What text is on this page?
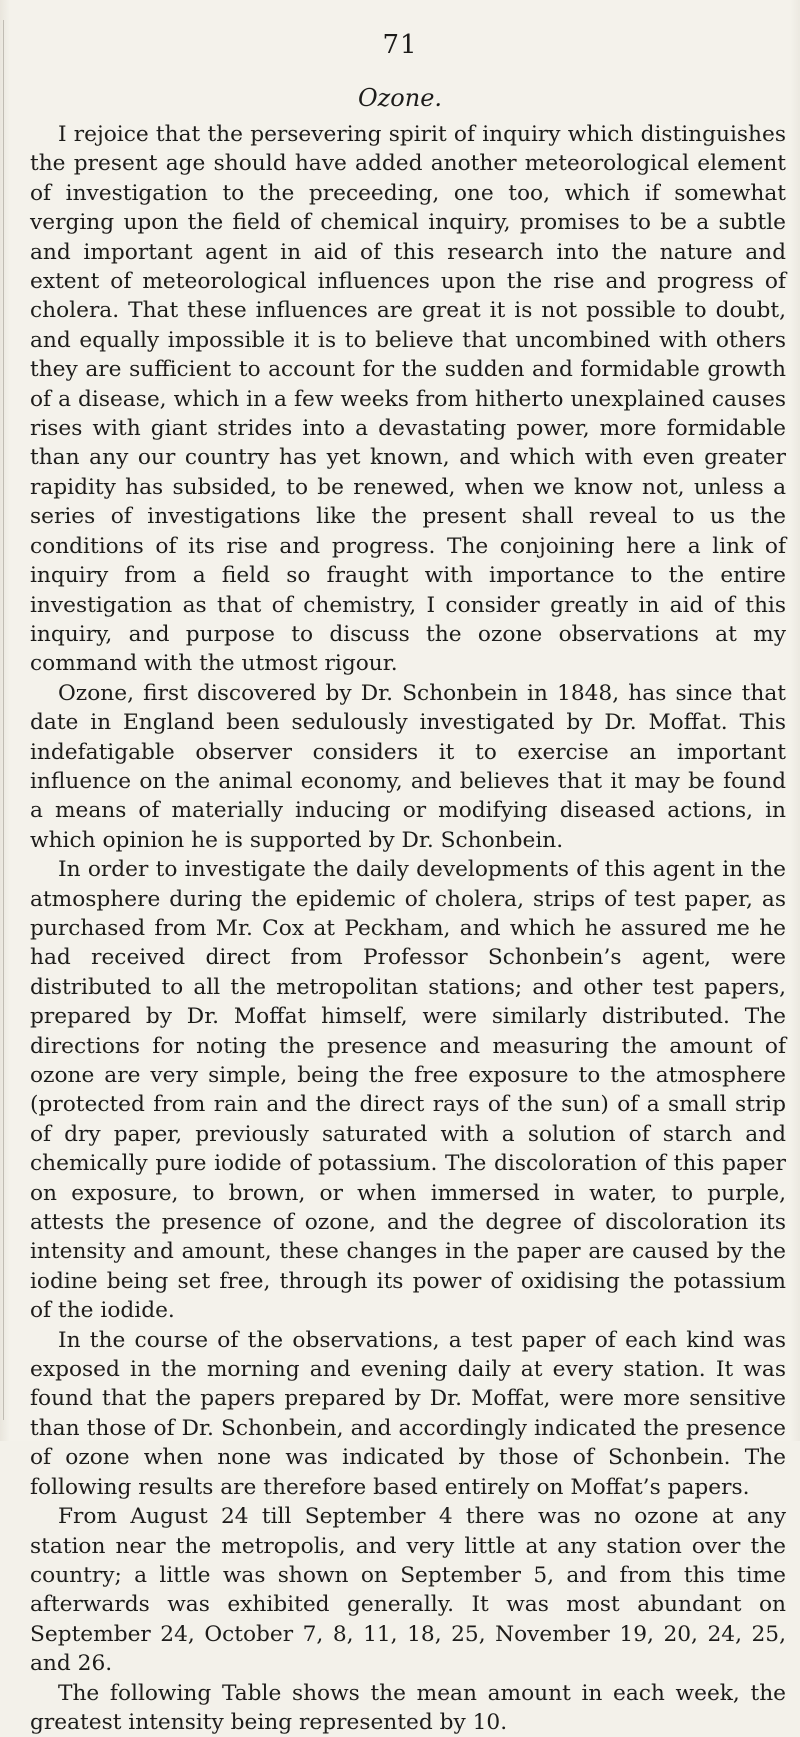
71
Ozone.

I rejoice that the persevering spirit of inquiry which distinguishes the present age should have added another meteorological element of investigation to the preceeding, one too, which if somewhat verging upon the field of chemical inquiry, promises to be a subtle and important agent in aid of this research into the nature and extent of meteorological influences upon the rise and progress of cholera. That these influences are great it is not possible to doubt, and equally impossible it is to believe that uncombined with others they are sufficient to account for the sudden and formidable growth of a disease, which in a few weeks from hitherto unexplained causes rises with giant strides into a devastating power, more formidable than any our country has yet known, and which with even greater rapidity has subsided, to be renewed, when we know not, unless a series of investigations like the present shall reveal to us the conditions of its rise and progress. The conjoining here a link of inquiry from a field so fraught with importance to the entire investigation as that of chemistry, I consider greatly in aid of this inquiry, and purpose to discuss the ozone observations at my command with the utmost rigour.

Ozone, first discovered by Dr. Schonbein in 1848, has since that date in England been sedulously investigated by Dr. Moffat. This indefatigable observer considers it to exercise an important influence on the animal economy, and believes that it may be found a means of materially inducing or modifying diseased actions, in which opinion he is supported by Dr. Schonbein.

In order to investigate the daily developments of this agent in the atmosphere during the epidemic of cholera, strips of test paper, as purchased from Mr. Cox at Peckham, and which he assured me he had received direct from Professor Schonbein’s agent, were distributed to all the metropolitan stations; and other test papers, prepared by Dr. Moffat himself, were similarly distributed. The directions for noting the presence and measuring the amount of ozone are very simple, being the free exposure to the atmosphere (protected from rain and the direct rays of the sun) of a small strip of dry paper, previously saturated with a solution of starch and chemically pure iodide of potassium. The discoloration of this paper on exposure, to brown, or when immersed in water, to purple, attests the presence of ozone, and the degree of discoloration its intensity and amount, these changes in the paper are caused by the iodine being set free, through its power of oxidising the potassium of the iodide.

In the course of the observations, a test paper of each kind was exposed in the morning and evening daily at every station. It was found that the papers prepared by Dr. Moffat, were more sensitive than those of Dr. Schonbein, and accordingly indicated the presence of ozone when none was indicated by those of Schonbein. The following results are therefore based entirely on Moffat’s papers.

From August 24 till September 4 there was no ozone at any station near the metropolis, and very little at any station over the country; a little was shown on September 5, and from this time afterwards was exhibited generally. It was most abundant on September 24, October 7, 8, 11, 18, 25, November 19, 20, 24, 25, and 26.

The following Table shows the mean amount in each week, the greatest intensity being represented by 10.
